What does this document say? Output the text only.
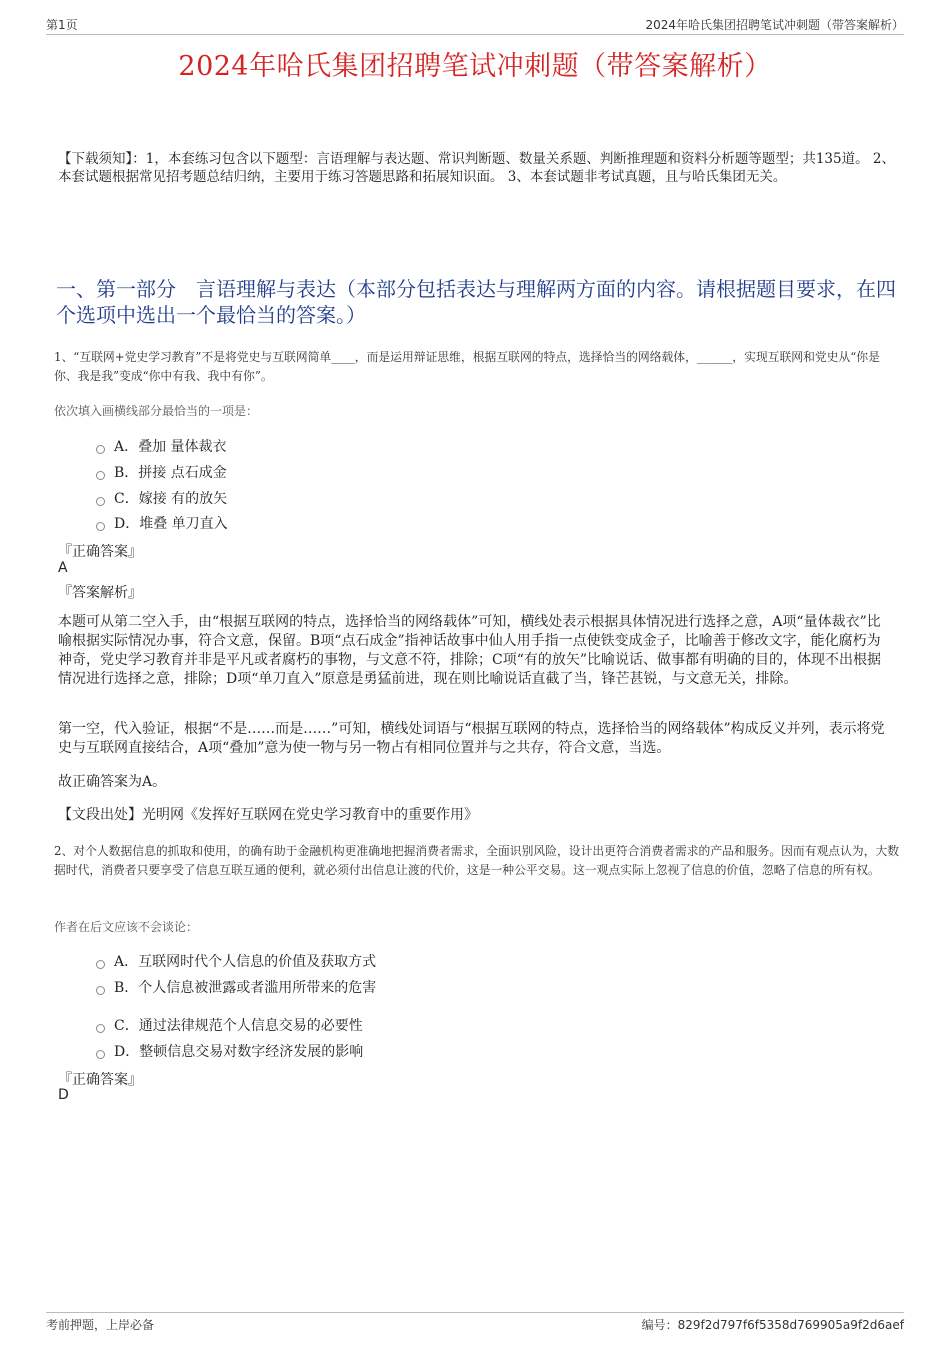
第1页	2024年哈氏集团招聘笔试冲刺题（带答案解析）
2024年哈氏集团招聘笔试冲刺题（带答案解析）
【下载须知】：1，本套练习包含以下题型：言语理解与表达题、常识判断题、数量关系题、判断推理题和资料分析题等题型；共135道。 2、本套试题根据常见招考题总结归纳，主要用于练习答题思路和拓展知识面。 3、本套试题非考试真题，且与哈氏集团无关。
一、第一部分　言语理解与表达（本部分包括表达与理解两方面的内容。请根据题目要求，在四个选项中选出一个最恰当的答案。）
1、“互联网+党史学习教育”不是将党史与互联网简单____，而是运用辩证思维，根据互联网的特点，选择恰当的网络载体，______，实现互联网和党史从“你是你、我是我”变成“你中有我、我中有你”。
依次填入画横线部分最恰当的一项是：
A．叠加 量体裁衣
B．拼接 点石成金
C．嫁接 有的放矢
D．堆叠 单刀直入
『正确答案』
A
『答案解析』
本题可从第二空入手，由“根据互联网的特点，选择恰当的网络载体”可知，横线处表示根据具体情况进行选择之意，A项“量体裁衣”比喻根据实际情况办事，符合文意，保留。B项“点石成金”指神话故事中仙人用手指一点使铁变成金子，比喻善于修改文字，能化腐朽为神奇，党史学习教育并非是平凡或者腐朽的事物，与文意不符，排除；C项“有的放矢”比喻说话、做事都有明确的目的，体现不出根据情况进行选择之意，排除；D项“单刀直入”原意是勇猛前进，现在则比喻说话直截了当，锋芒甚锐，与文意无关，排除。
第一空，代入验证，根据“不是……而是……”可知，横线处词语与“根据互联网的特点，选择恰当的网络载体”构成反义并列，表示将党史与互联网直接结合，A项“叠加”意为使一物与另一物占有相同位置并与之共存，符合文意，当选。
故正确答案为A。
【文段出处】光明网《发挥好互联网在党史学习教育中的重要作用》
2、对个人数据信息的抓取和使用，的确有助于金融机构更准确地把握消费者需求，全面识别风险，设计出更符合消费者需求的产品和服务。因而有观点认为，大数据时代，消费者只要享受了信息互联互通的便利，就必须付出信息让渡的代价，这是一种公平交易。这一观点实际上忽视了信息的价值，忽略了信息的所有权。
作者在后文应该不会谈论：
A．互联网时代个人信息的价值及获取方式
B．个人信息被泄露或者滥用所带来的危害
C．通过法律规范个人信息交易的必要性
D．整顿信息交易对数字经济发展的影响
『正确答案』
D
考前押题，上岸必备	编号：829f2d797f6f5358d769905a9f2d6aef
